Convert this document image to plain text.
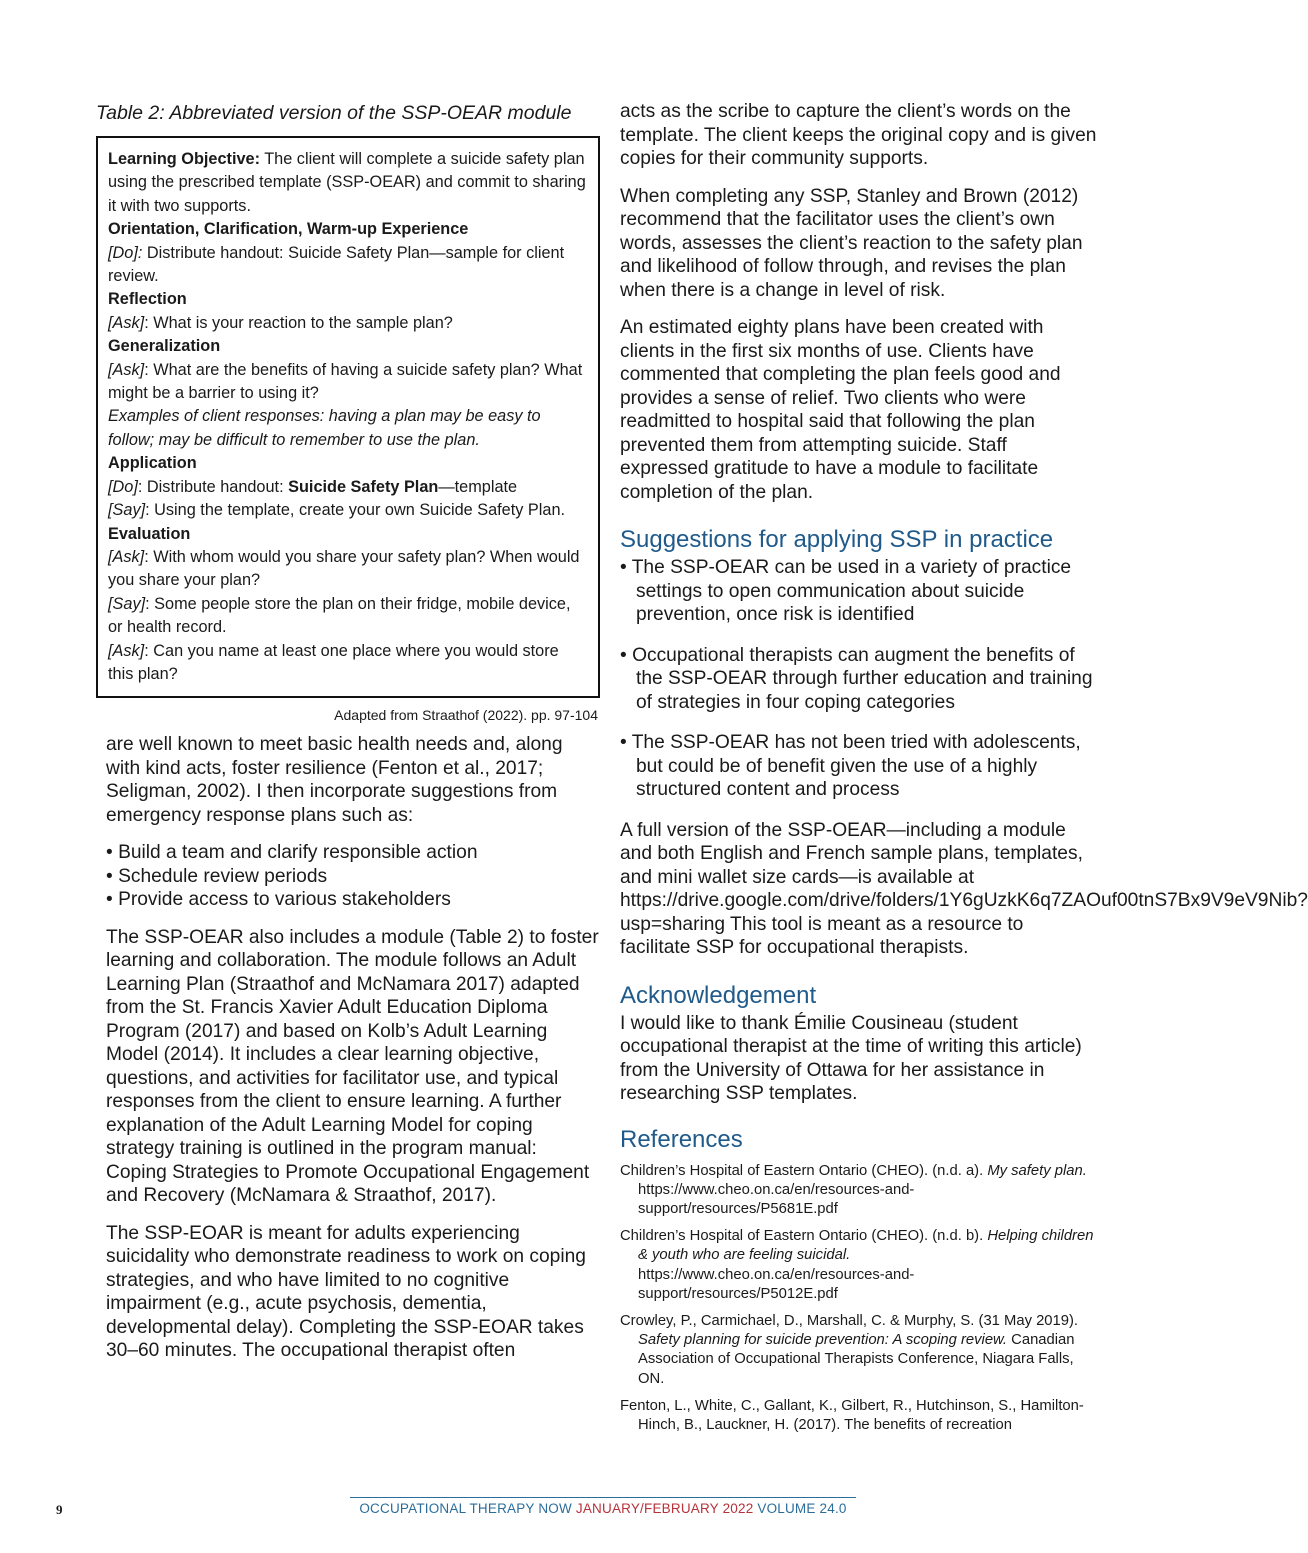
Table 2: Abbreviated version of the SSP-OEAR module

Learning Objective: The client will complete a suicide safety plan using the prescribed template (SSP-OEAR) and commit to sharing it with two supports.

Orientation, Clarification, Warm-up Experience

[Do]: Distribute handout: Suicide Safety Plan—sample for client review.

Reflection

[Ask]: What is your reaction to the sample plan?

Generalization

[Ask]: What are the benefits of having a suicide safety plan? What might be a barrier to using it?

Examples of client responses: having a plan may be easy to follow; may be difficult to remember to use the plan.

Application

[Do]: Distribute handout: Suicide Safety Plan—template

[Say]: Using the template, create your own Suicide Safety Plan.

Evaluation

[Ask]: With whom would you share your safety plan? When would you share your plan?

[Say]: Some people store the plan on their fridge, mobile device, or health record.

[Ask]: Can you name at least one place where you would store this plan?

Adapted from Straathof (2022). pp. 97-104

are well known to meet basic health needs and, along with kind acts, foster resilience (Fenton et al., 2017; Seligman, 2002). I then incorporate suggestions from emergency response plans such as:

• Build a team and clarify responsible action
• Schedule review periods
• Provide access to various stakeholders

The SSP-OEAR also includes a module (Table 2) to foster learning and collaboration. The module follows an Adult Learning Plan (Straathof and McNamara 2017) adapted from the St. Francis Xavier Adult Education Diploma Program (2017) and based on Kolb’s Adult Learning Model (2014). It includes a clear learning objective, questions, and activities for facilitator use, and typical responses from the client to ensure learning. A further explanation of the Adult Learning Model for coping strategy training is outlined in the program manual: Coping Strategies to Promote Occupational Engagement and Recovery (McNamara & Straathof, 2017).

The SSP-EOAR is meant for adults experiencing suicidality who demonstrate readiness to work on coping strategies, and who have limited to no cognitive impairment (e.g., acute psychosis, dementia, developmental delay). Completing the SSP-EOAR takes 30–60 minutes. The occupational therapist often

acts as the scribe to capture the client’s words on the template. The client keeps the original copy and is given copies for their community supports.

When completing any SSP, Stanley and Brown (2012) recommend that the facilitator uses the client’s own words, assesses the client’s reaction to the safety plan and likelihood of follow through, and revises the plan when there is a change in level of risk.

An estimated eighty plans have been created with clients in the first six months of use. Clients have commented that completing the plan feels good and provides a sense of relief. Two clients who were readmitted to hospital said that following the plan prevented them from attempting suicide. Staff expressed gratitude to have a module to facilitate completion of the plan.

Suggestions for applying SSP in practice
• The SSP-OEAR can be used in a variety of practice settings to open communication about suicide prevention, once risk is identified
• Occupational therapists can augment the benefits of the SSP-OEAR through further education and training of strategies in four coping categories
• The SSP-OEAR has not been tried with adolescents, but could be of benefit given the use of a highly structured content and process

A full version of the SSP-OEAR—including a module and both English and French sample plans, templates, and mini wallet size cards—is available at https://drive.google.com/drive/folders/1Y6gUzkK6q7ZAOuf00tnS7Bx9V9eV9Nib?usp=sharing This tool is meant as a resource to facilitate SSP for occupational therapists.

Acknowledgement

I would like to thank Émilie Cousineau (student occupational therapist at the time of writing this article) from the University of Ottawa for her assistance in researching SSP templates.

References

Children’s Hospital of Eastern Ontario (CHEO). (n.d. a). My safety plan. https://www.cheo.on.ca/en/resources-and-support/resources/P5681E.pdf

Children’s Hospital of Eastern Ontario (CHEO). (n.d. b). Helping children & youth who are feeling suicidal. https://www.cheo.on.ca/en/resources-and-support/resources/P5012E.pdf

Crowley, P., Carmichael, D., Marshall, C. & Murphy, S. (31 May 2019). Safety planning for suicide prevention: A scoping review. Canadian Association of Occupational Therapists Conference, Niagara Falls, ON.

Fenton, L., White, C., Gallant, K., Gilbert, R., Hutchinson, S., Hamilton-Hinch, B., Lauckner, H. (2017). The benefits of recreation

9	OCCUPATIONAL THERAPY NOW JANUARY/FEBRUARY 2022 VOLUME 24.0
